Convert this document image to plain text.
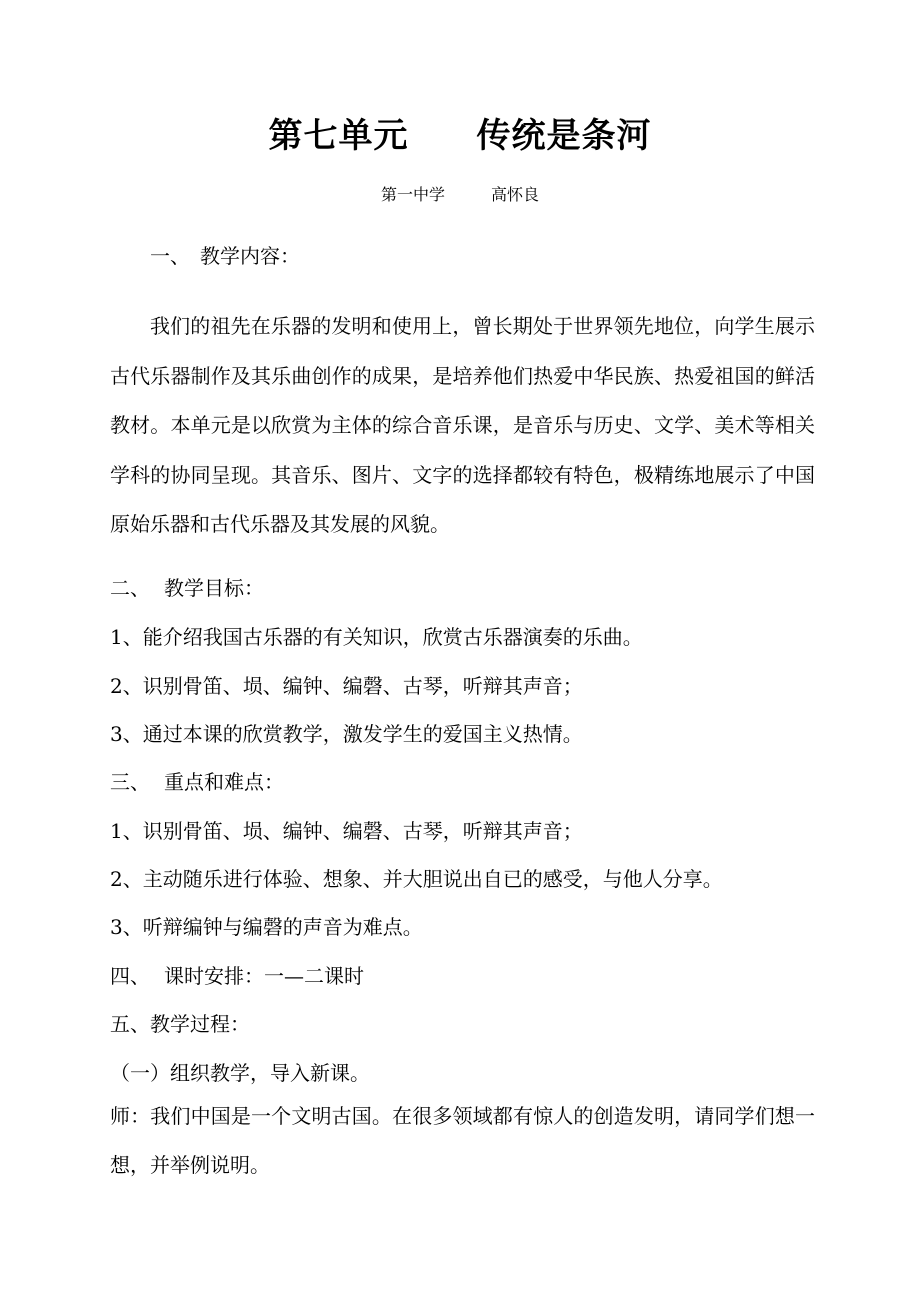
第七单元 传统是条河
第一中学	高怀良
一、 教学内容：
我们的祖先在乐器的发明和使用上，曾长期处于世界领先地位，向学生展示古代乐器制作及其乐曲创作的成果，是培养他们热爱中华民族、热爱祖国的鲜活教材。本单元是以欣赏为主体的综合音乐课，是音乐与历史、文学、美术等相关学科的协同呈现。其音乐、图片、文字的选择都较有特色，极精练地展示了中国原始乐器和古代乐器及其发展的风貌。
二、 教学目标：
1、能介绍我国古乐器的有关知识，欣赏古乐器演奏的乐曲。
2、识别骨笛、埙、编钟、编磬、古琴，听辩其声音；
3、通过本课的欣赏教学，激发学生的爱国主义热情。
三、 重点和难点：
1、识别骨笛、埙、编钟、编磬、古琴，听辩其声音；
2、主动随乐进行体验、想象、并大胆说出自已的感受，与他人分享。
3、听辩编钟与编磬的声音为难点。
四、 课时安排：一—二课时
五、教学过程：
（一）组织教学，导入新课。
师：我们中国是一个文明古国。在很多领域都有惊人的创造发明，请同学们想一想，并举例说明。
